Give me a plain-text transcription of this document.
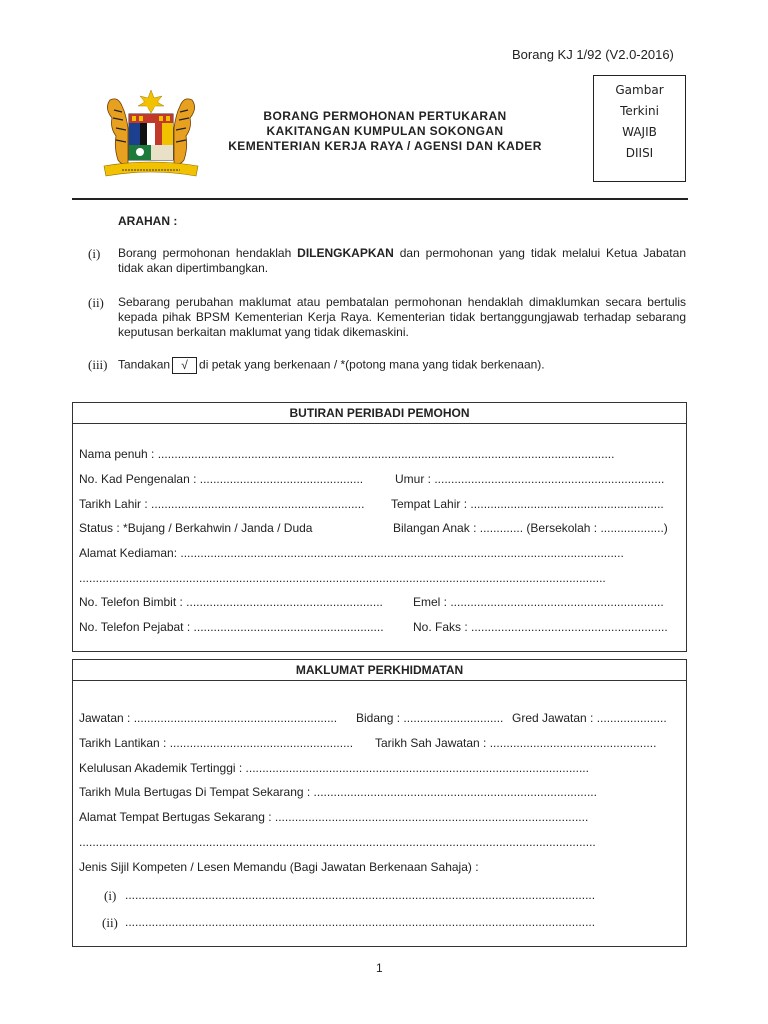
Borang KJ 1/92 (V2.0-2016)
BORANG PERMOHONAN PERTUKARAN
KAKITANGAN KUMPULAN SOKONGAN
KEMENTERIAN KERJA RAYA / AGENSI DAN KADER
Gambar
Terkini
WAJIB
DIISI
ARAHAN :
(i) Borang permohonan hendaklah DILENGKAPKAN dan permohonan yang tidak melalui Ketua Jabatan tidak akan dipertimbangkan.
(ii) Sebarang perubahan maklumat atau pembatalan permohonan hendaklah dimaklumkan secara bertulis kepada pihak BPSM Kementerian Kerja Raya. Kementerian tidak bertanggungjawab terhadap sebarang keputusan berkaitan maklumat yang tidak dikemaskini.
(iii) Tandakan √ di petak yang berkenaan / *(potong mana yang tidak berkenaan).
BUTIRAN PERIBADI PEMOHON
Nama penuh : .........................................................................................................................................
No. Kad Pengenalan : .................................................	Umur : .....................................................................
Tarikh Lahir : ................................................................ Tempat Lahir : ..........................................................
Status : *Bujang / Berkahwin / Janda / Duda	Bilangan Anak : ............. (Bersekolah : ...................)
Alamat Kediaman: .....................................................................................................................................
..............................................................................................................................................................
No. Telefon Bimbit : ...........................................................	Emel : ................................................................
No. Telefon Pejabat : ......................................................... No. Faks : ...........................................................
MAKLUMAT PERKHIDMATAN
Jawatan : ............................................................. Bidang : .............................. Gred Jawatan : .....................
Tarikh Lantikan : ....................................................... Tarikh Sah Jawatan : ..................................................
Kelulusan Akademik Tertinggi : .......................................................................................................
Tarikh Mula Bertugas Di Tempat Sekarang : .....................................................................................
Alamat Tempat Bertugas Sekarang : ..............................................................................................
...........................................................................................................................................................
Jenis Sijil Kompeten / Lesen Memandu (Bagi Jawatan Berkenaan Sahaja) :
(i) .............................................................................................................................................
(ii) .............................................................................................................................................
1
